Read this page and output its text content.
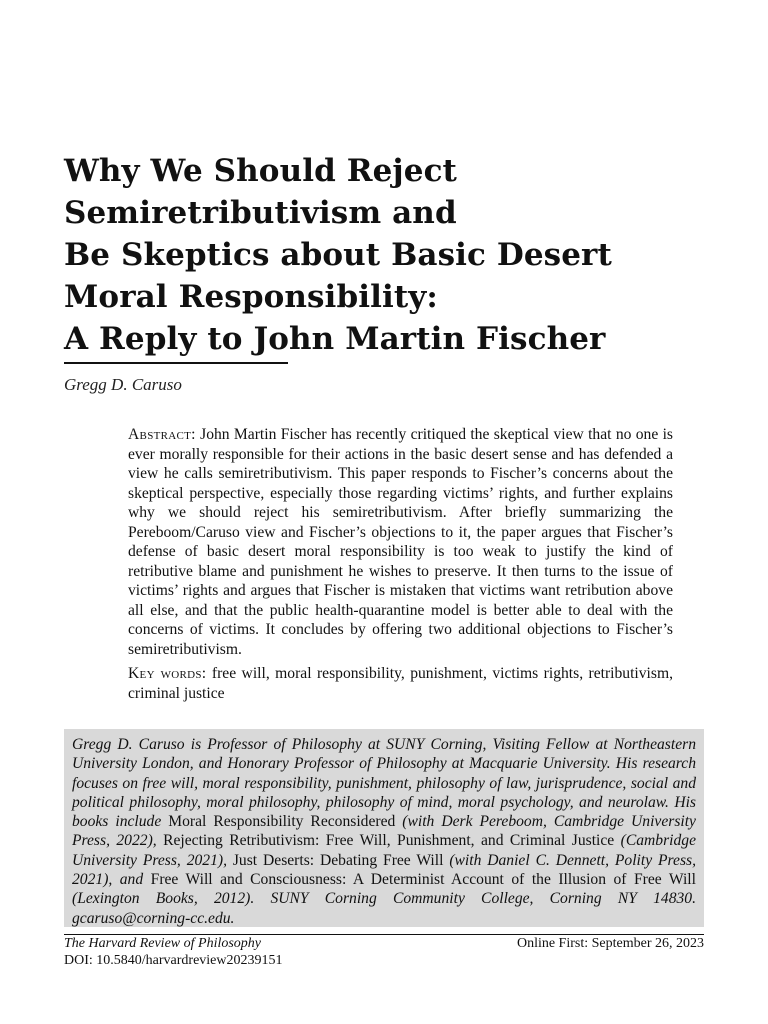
Why We Should Reject
Semiretributivism and
Be Skeptics about Basic Desert
Moral Responsibility:
A Reply to John Martin Fischer
Gregg D. Caruso

Abstract: John Martin Fischer has recently critiqued the skeptical view that no one is ever morally responsible for their actions in the basic desert sense and has defended a view he calls semiretributivism. This paper responds to Fischer’s concerns about the skeptical perspective, especially those regarding victims’ rights, and further explains why we should reject his semiretributivism. After briefly summarizing the Pereboom/Caruso view and Fischer’s objections to it, the paper argues that Fischer’s defense of basic desert moral responsibility is too weak to justify the kind of retributive blame and punishment he wishes to preserve. It then turns to the issue of victims’ rights and argues that Fischer is mistaken that victims want retribution above all else, and that the public health-quarantine model is better able to deal with the concerns of victims. It concludes by offering two additional objections to Fischer’s semiretributivism.

Key words: free will, moral responsibility, punishment, victims rights, retributivism, criminal justice

Gregg D. Caruso is Professor of Philosophy at SUNY Corning, Visiting Fellow at Northeastern University London, and Honorary Professor of Philosophy at Macquarie University. His research focuses on free will, moral responsibility, punishment, philosophy of law, jurisprudence, social and political philosophy, moral philosophy, philosophy of mind, moral psychology, and neurolaw. His books include Moral Responsibility Reconsidered (with Derk Pereboom, Cambridge University Press, 2022), Rejecting Retributivism: Free Will, Punishment, and Criminal Justice (Cambridge University Press, 2021), Just Deserts: Debating Free Will (with Daniel C. Dennett, Polity Press, 2021), and Free Will and Consciousness: A Determinist Account of the Illusion of Free Will (Lexington Books, 2012). SUNY Corning Community College, Corning NY 14830. gcaruso@corning-cc.edu.
The Harvard Review of Philosophy	Online First: September 26, 2023
DOI: 10.5840/harvardreview20239151
